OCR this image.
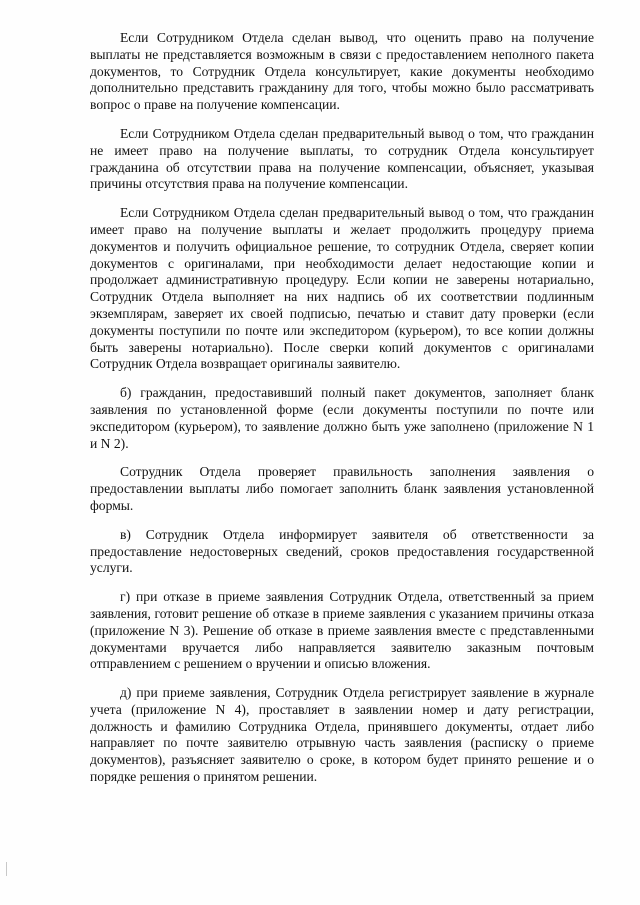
Если Сотрудником Отдела сделан вывод, что оценить право на получение выплаты не представляется возможным в связи с предоставлением неполного пакета документов, то Сотрудник Отдела консультирует, какие документы необходимо дополнительно представить гражданину для того, чтобы можно было рассматривать вопрос о праве на получение компенсации.

Если Сотрудником Отдела сделан предварительный вывод о том, что гражданин не имеет право на получение выплаты, то сотрудник Отдела консультирует гражданина об отсутствии права на получение компенсации, объясняет, указывая причины отсутствия права на получение компенсации.

Если Сотрудником Отдела сделан предварительный вывод о том, что гражданин имеет право на получение выплаты и желает продолжить процедуру приема документов и получить официальное решение, то сотрудник Отдела, сверяет копии документов с оригиналами, при необходимости делает недостающие копии и продолжает административную процедуру. Если копии не заверены нотариально, Сотрудник Отдела выполняет на них надпись об их соответствии подлинным экземплярам, заверяет их своей подписью, печатью и ставит дату проверки (если документы поступили по почте или экспедитором (курьером), то все копии должны быть заверены нотариально). После сверки копий документов с оригиналами Сотрудник Отдела возвращает оригиналы заявителю.

б) гражданин, предоставивший полный пакет документов, заполняет бланк заявления по установленной форме (если документы поступили по почте или экспедитором (курьером), то заявление должно быть уже заполнено (приложение N 1 и N 2).

Сотрудник Отдела проверяет правильность заполнения заявления о предоставлении выплаты либо помогает заполнить бланк заявления установленной формы.

в) Сотрудник Отдела информирует заявителя об ответственности за предоставление недостоверных сведений, сроков предоставления государственной услуги.

г) при отказе в приеме заявления Сотрудник Отдела, ответственный за прием заявления, готовит решение об отказе в приеме заявления с указанием причины отказа (приложение N 3). Решение об отказе в приеме заявления вместе с представленными документами вручается либо направляется заявителю заказным почтовым отправлением с решением о вручении и описью вложения.

д) при приеме заявления, Сотрудник Отдела регистрирует заявление в журнале учета (приложение N 4), проставляет в заявлении номер и дату регистрации, должность и фамилию Сотрудника Отдела, принявшего документы, отдает либо направляет по почте заявителю отрывную часть заявления (расписку о приеме документов), разъясняет заявителю о сроке, в котором будет принято решение и о порядке решения о принятом решении.
